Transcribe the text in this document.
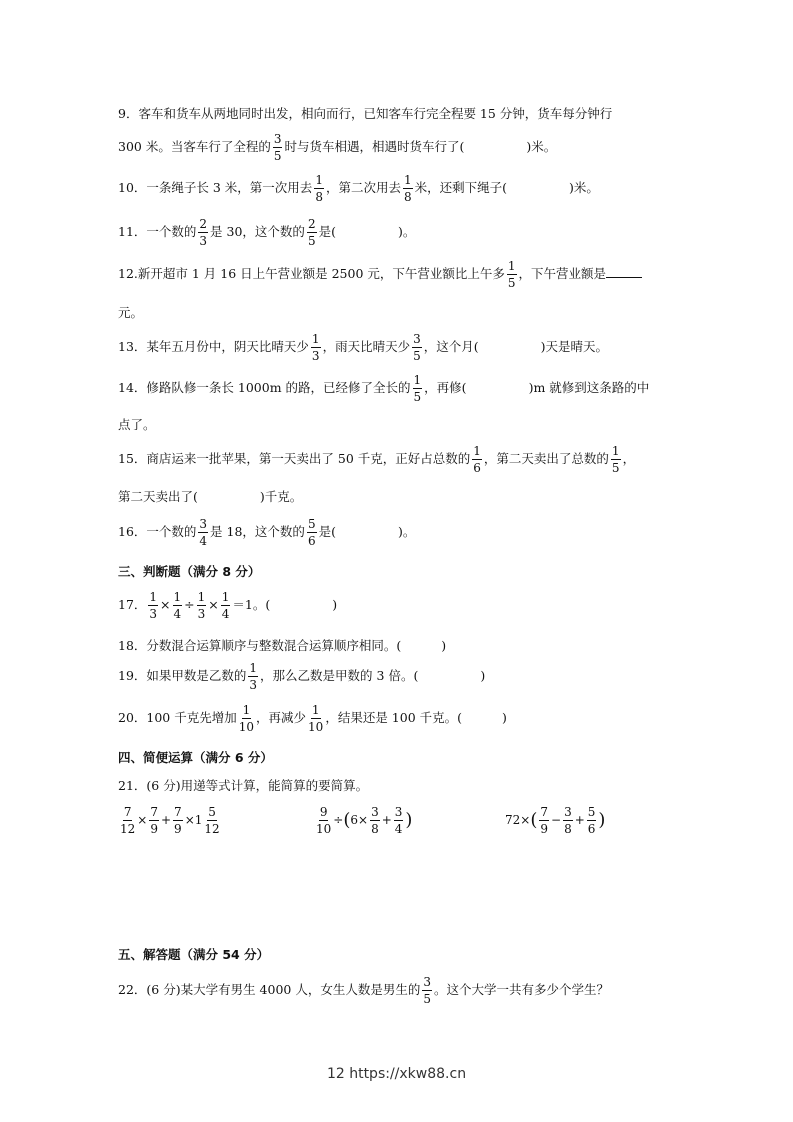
9．客车和货车从两地同时出发，相向而行，已知客车行完全程要 15 分钟，货车每分钟行
300 米。当客车行了全程的 $\frac{3}{5}$ 时与货车相遇，相遇时货车行了(	)米。
10．一条绳子长 3 米，第一次用去 $\frac{1}{8}$ ，第二次用去 $\frac{1}{8}$ 米，还剩下绳子(	)米。
11．一个数的 $\frac{2}{3}$ 是 30，这个数的 $\frac{2}{5}$ 是(	)。
12.新开超市 1 月 16 日上午营业额是 2500 元，下午营业额比上午多 $\frac{1}{5}$ ，下午营业额是
元。
13．某年五月份中，阴天比晴天少 $\frac{1}{3}$ ，雨天比晴天少 $\frac{3}{5}$ ，这个月(	)天是晴天。
14．修路队修一条长 1000m 的路，已经修了全长的 $\frac{1}{5}$ ，再修(	)m 就修到这条路的中
点了。
15．商店运来一批苹果，第一天卖出了 50 千克，正好占总数的 $\frac{1}{6}$ ，第二天卖出了总数的 $\frac{1}{5}$ ，
第二天卖出了(	)千克。
16．一个数的 $\frac{3}{4}$ 是 18，这个数的 $\frac{5}{6}$ 是(	)。
三、判断题（满分 8 分）
17． $\frac{1}{3} \times \frac{1}{4} \div \frac{1}{3} \times \frac{1}{4} =1$。(	)
18．分数混合运算顺序与整数混合运算顺序相同。(	)
19．如果甲数是乙数的 $\frac{1}{3}$ ，那么乙数是甲数的 3 倍。(	)
20．100 千克先增加 $\frac{1}{10}$ ，再减少 $\frac{1}{10}$ ，结果还是 100 千克。(	)
四、简便运算（满分 6 分）
21．(6 分)用递等式计算，能简算的要简算。
$\frac{7}{12} \times \frac{7}{9} + \frac{7}{9} \times 1 \frac{5}{12}$	$\frac{9}{10} \div(6\times \frac{3}{8} + \frac{3}{4}$ )	$72\times( \frac{7}{9} - \frac{3}{8} + \frac{5}{6}$ )
五、解答题（满分 54 分）
22．(6 分)某大学有男生 4000 人，女生人数是男生的 $\frac{3}{5}$ 。这个大学一共有多少个学生？
12 https://xkw88.cn
